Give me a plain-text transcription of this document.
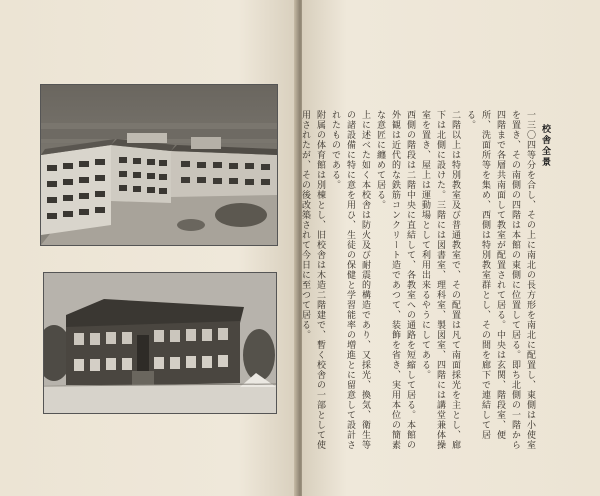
校舎全景
一三〇四等分を合し、その上に南北の長方形を南北に配置し、東側は小使室を置き、その南側の四階は本館の東側に位置して居る。即ち北側の一階から四階まで各層共南面して教室が配置されて居る。中央は玄関、階段室、便所、洗面所等を集め、西側は特別教室群とし、その間を廊下で連結して居る。
二階以上は特別教室及び普通教室で、その配置は凡て南面採光を主とし、廊下は北側に設けた。三階には図書室、理科室、製図室、四階には講堂兼体操室を置き、屋上は運動場として利用出来るやうにしてある。
西側の階段は二階中央に直結して、各教室への通路を短縮して居る。本館の外観は近代的な鉄筋コンクリート造であつて、装飾を省き、実用本位の簡素な意匠に纏めて居る。
上に述べた如く本校舎は防火及び耐震的構造であり、又採光、換気、衛生等の諸設備に特に意を用ひ、生徒の保健と学習能率の増進とに留意して設計されたものである。
附属の体育館は別棟とし、旧校舎は木造二階建で、暫く校舎の一部として使用されたが、その後改築されて今日に至つて居る。
